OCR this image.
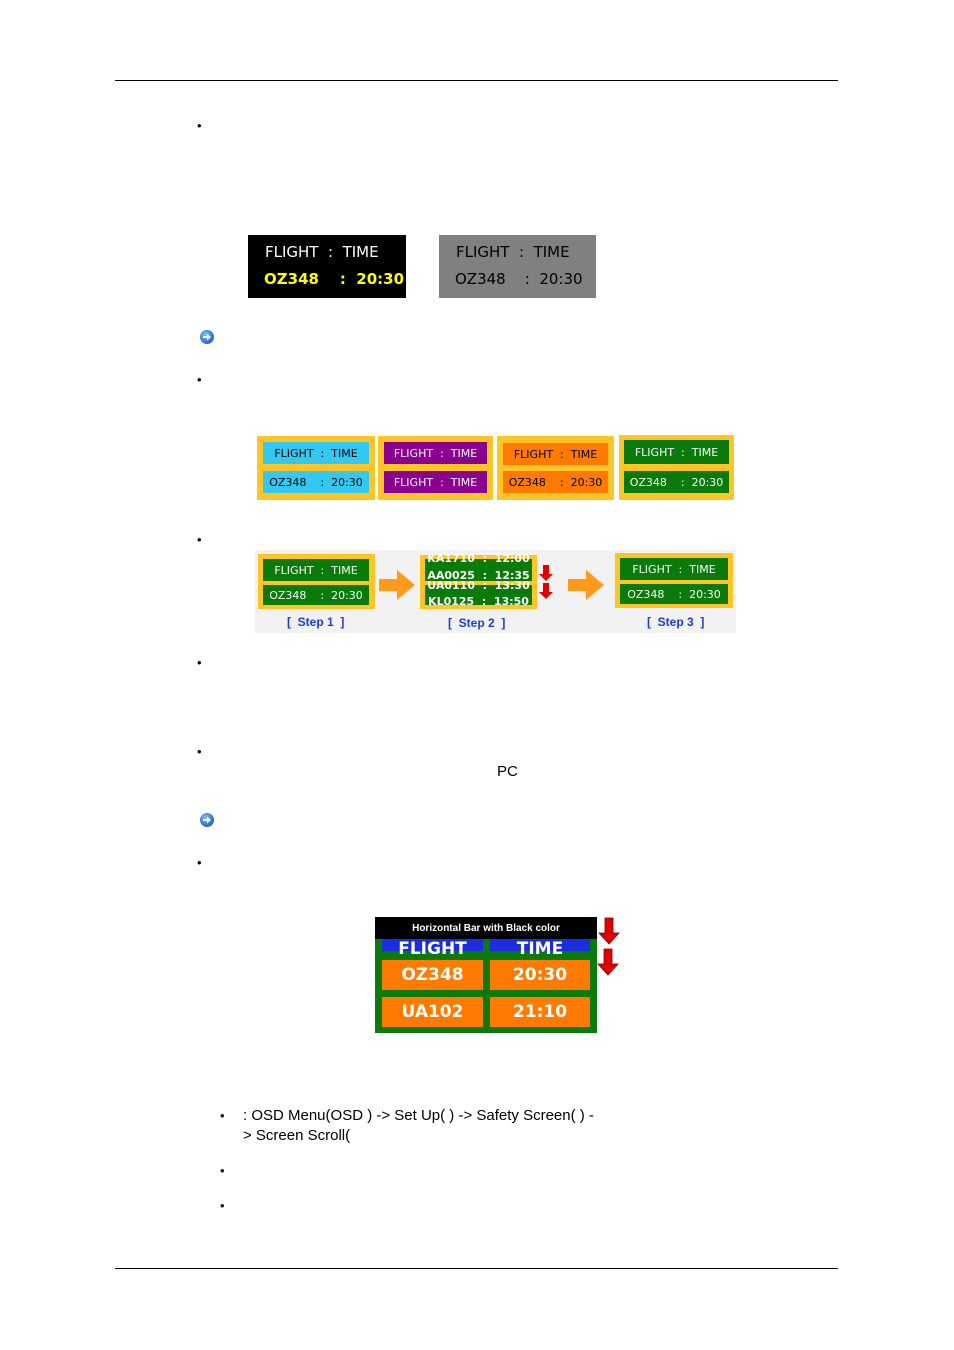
•
•
•
•
•
•
•
•
•
PC
: OSD Menu(OSD ) -> Set Up( ) -> Safety Screen( ) -
> Screen Scroll(
FLIGHT  :  TIME
OZ348    :  20:30
FLIGHT  :  TIME
OZ348    :  20:30
FLIGHT  :  TIME
OZ348    :  20:30
FLIGHT  :  TIME
FLIGHT  :  TIME
FLIGHT  :  TIME
OZ348    :  20:30
FLIGHT  :  TIME
OZ348    :  20:30
FLIGHT  :  TIME
OZ348    :  20:30
[  Step 1  ]
KA1710  :  12:00
AA0025  :  12:35
UA0110  :  13:30
KL0125  :  13:50
[  Step 2  ]
FLIGHT  :  TIME
OZ348    :  20:30
[  Step 3  ]
FLIGHT	TIME
OZ348	20:30
UA102	21:10
Horizontal Bar with Black color
